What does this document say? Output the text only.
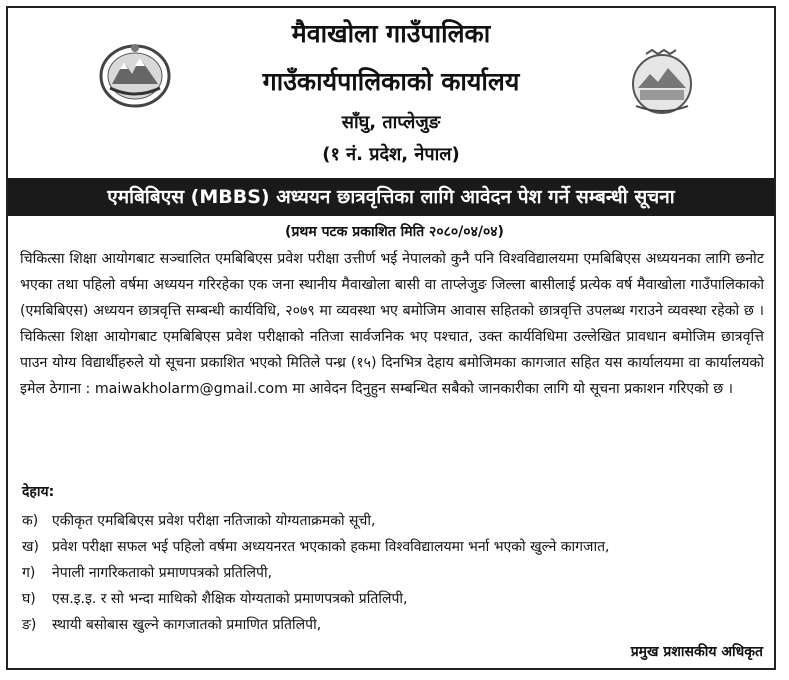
मैवाखोला गाउँपालिका
गाउँकार्यपालिकाको कार्यालय
साँघु, ताप्लेजुङ
(१ नं. प्रदेश, नेपाल)
एमबिबिएस (MBBS) अध्ययन छात्रवृत्तिका लागि आवेदन पेश गर्ने सम्बन्धी सूचना
(प्रथम पटक प्रकाशित मिति २०८०/०४/०४)

चिकित्सा शिक्षा आयोगबाट सञ्चालित एमबिबिएस प्रवेश परीक्षा उत्तीर्ण भई नेपालको कुनै पनि विश्वविद्यालयमा एमबिबिएस अध्ययनका लागि छनोट भएका तथा पहिलो वर्षमा अध्ययन गरिरहेका एक जना स्थानीय मैवाखोला बासी वा ताप्लेजुङ जिल्ला बासीलाई प्रत्येक वर्ष मैवाखोला गाउँपालिकाको (एमबिबिएस) अध्ययन छात्रवृत्ति सम्बन्धी कार्यविधि, २०७९ मा व्यवस्था भए बमोजिम आवास सहितको छात्रवृत्ति उपलब्ध गराउने व्यवस्था रहेको छ । चिकित्सा शिक्षा आयोगबाट एमबिबिएस प्रवेश परीक्षाको नतिजा सार्वजनिक भए पश्चात, उक्त कार्यविधिमा उल्लेखित प्रावधान बमोजिम छात्रवृत्ति पाउन योग्य विद्यार्थीहरुले यो सूचना प्रकाशित भएको मितिले पन्ध्र (१५) दिनभित्र देहाय बमोजिमका कागजात सहित यस कार्यालयमा वा कार्यालयको इमेल ठेगाना : maiwakholarm@gmail.com मा आवेदन दिनुहुन सम्बन्धित सबैको जानकारीका लागि यो सूचना प्रकाशन गरिएको छ ।

देहाय:
क) एकीकृत एमबिबिएस प्रवेश परीक्षा नतिजाको योग्यताक्रमको सूची,
ख) प्रवेश परीक्षा सफल भई पहिलो वर्षमा अध्ययनरत भएकाको हकमा विश्वविद्यालयमा भर्ना भएको खुल्ने कागजात,
ग) नेपाली नागरिकताको प्रमाणपत्रको प्रतिलिपी,
घ) एस.इ.इ. र सो भन्दा माथिको शैक्षिक योग्यताको प्रमाणपत्रको प्रतिलिपी,
ङ) स्थायी बसोबास खुल्ने कागजातको प्रमाणित प्रतिलिपी,
प्रमुख प्रशासकीय अधिकृत
